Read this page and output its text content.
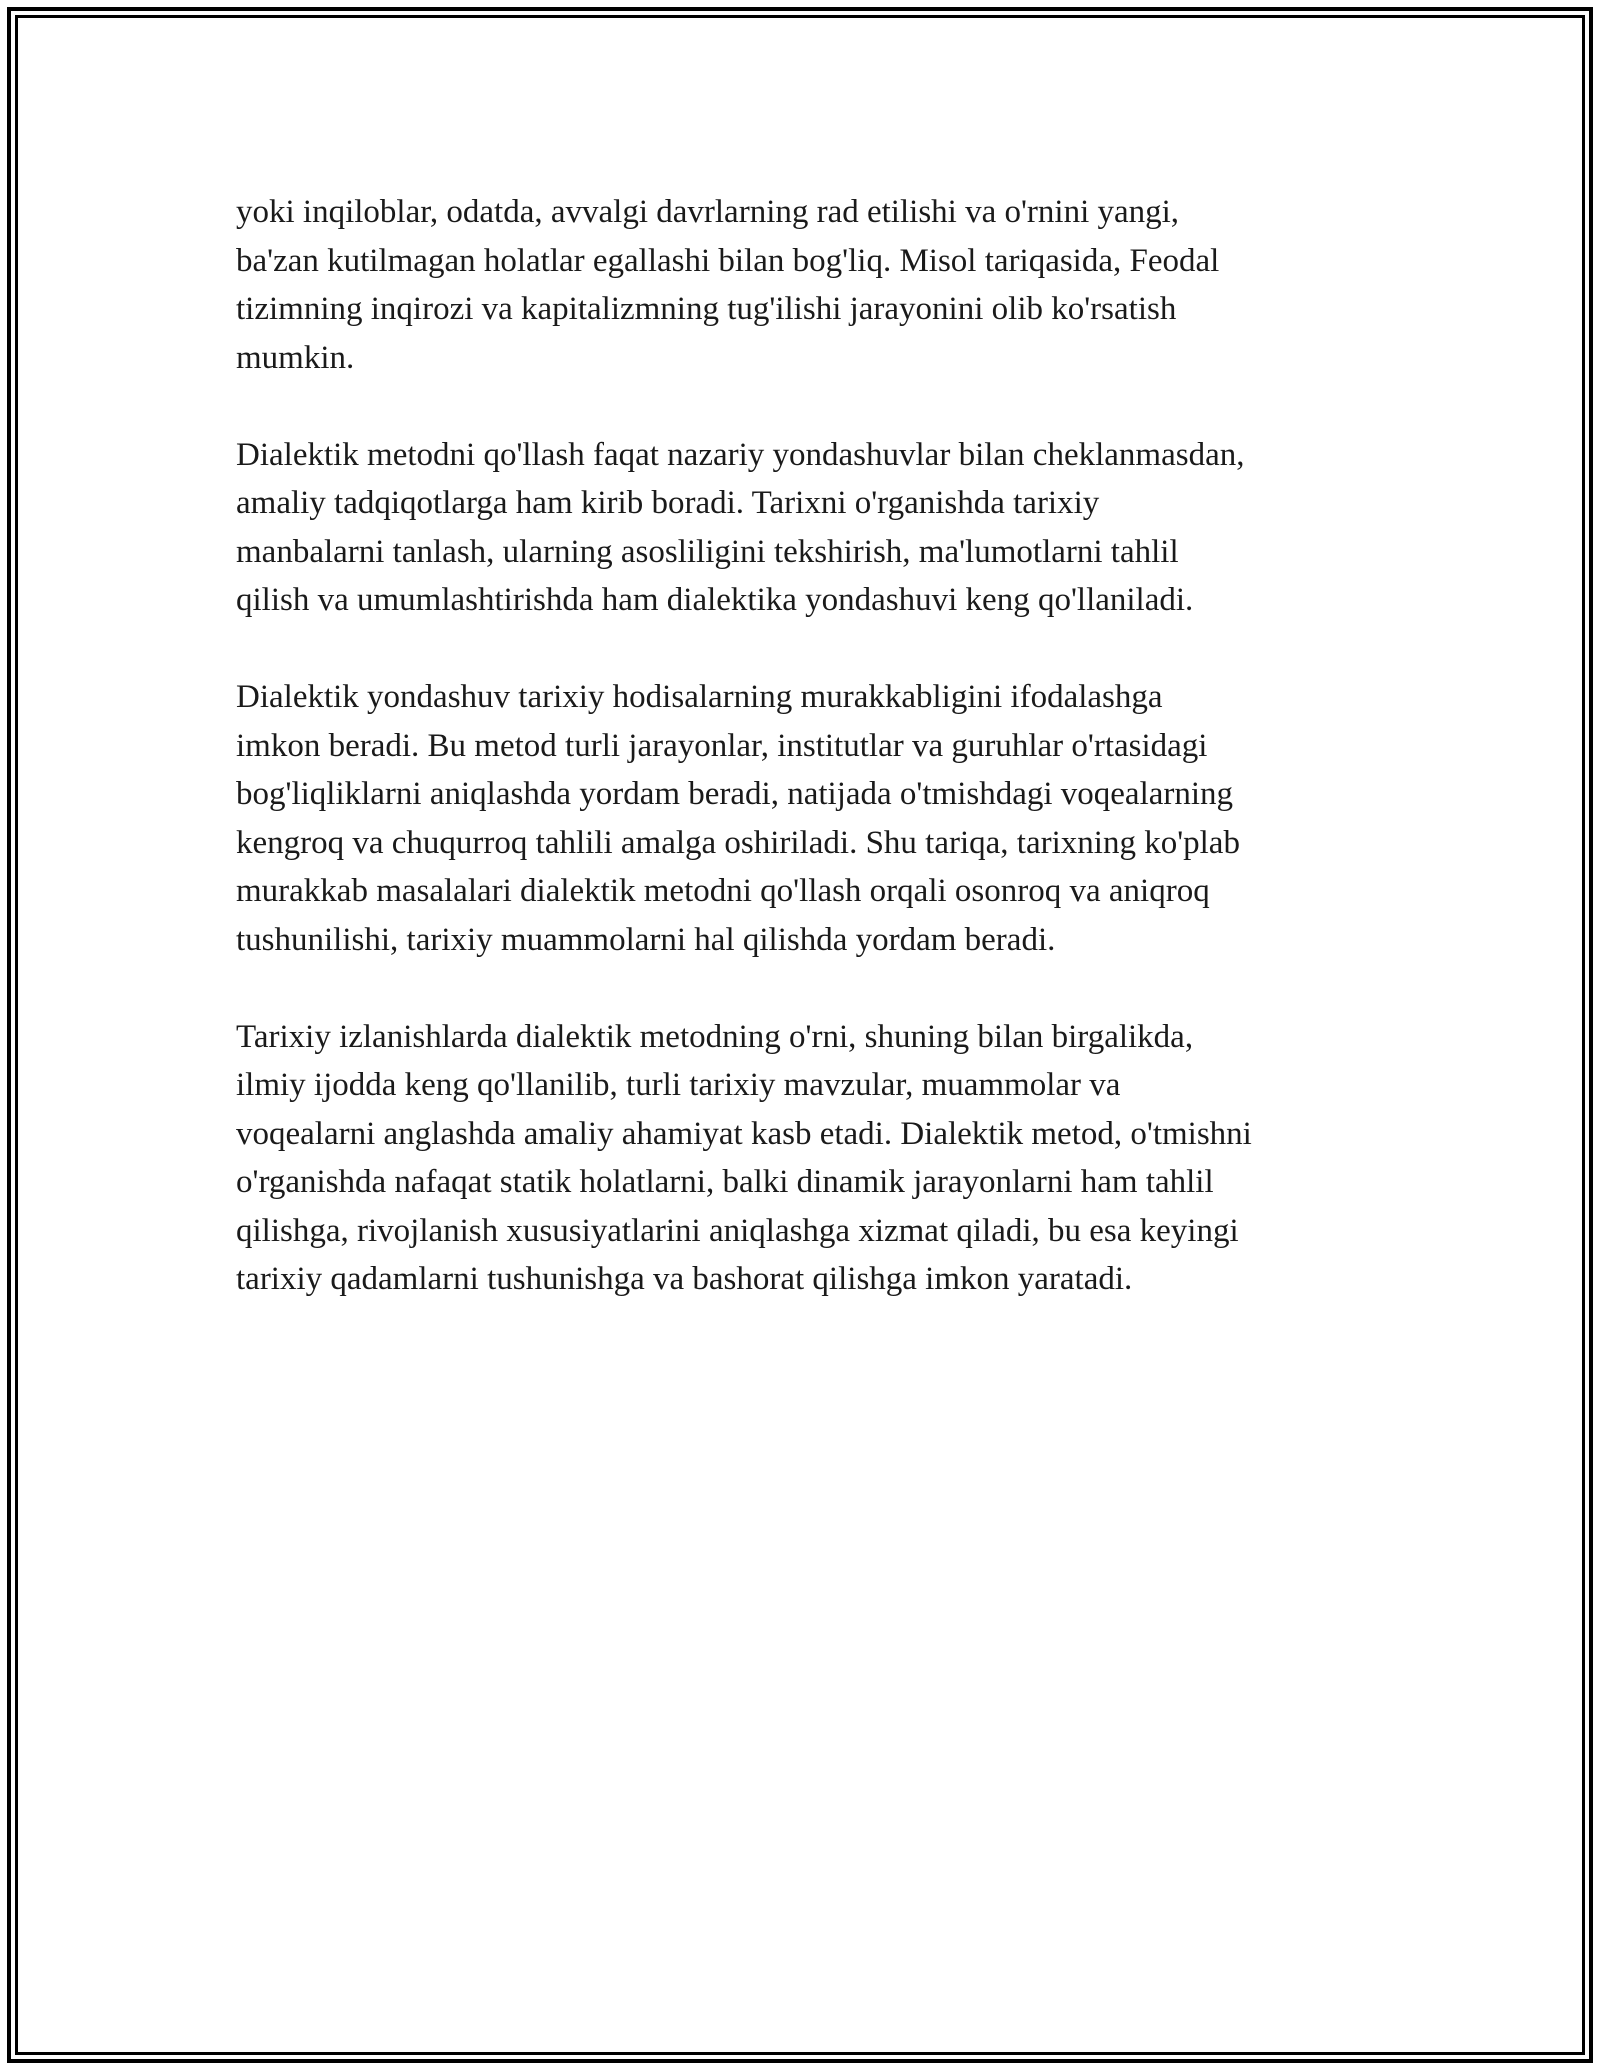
yoki inqiloblar, odatda, avvalgi davrlarning rad etilishi va o'rnini yangi,
ba'zan kutilmagan holatlar egallashi bilan bog'liq. Misol tariqasida, Feodal
tizimning inqirozi va kapitalizmning tug'ilishi jarayonini olib ko'rsatish
mumkin.

Dialektik metodni qo'llash faqat nazariy yondashuvlar bilan cheklanmasdan,
amaliy tadqiqotlarga ham kirib boradi. Tarixni o'rganishda tarixiy
manbalarni tanlash, ularning asosliligini tekshirish, ma'lumotlarni tahlil
qilish va umumlashtirishda ham dialektika yondashuvi keng qo'llaniladi.

Dialektik yondashuv tarixiy hodisalarning murakkabligini ifodalashga
imkon beradi. Bu metod turli jarayonlar, institutlar va guruhlar o'rtasidagi
bog'liqliklarni aniqlashda yordam beradi, natijada o'tmishdagi voqealarning
kengroq va chuqurroq tahlili amalga oshiriladi. Shu tariqa, tarixning ko'plab
murakkab masalalari dialektik metodni qo'llash orqali osonroq va aniqroq
tushunilishi, tarixiy muammolarni hal qilishda yordam beradi.

Tarixiy izlanishlarda dialektik metodning o'rni, shuning bilan birgalikda,
ilmiy ijodda keng qo'llanilib, turli tarixiy mavzular, muammolar va
voqealarni anglashda amaliy ahamiyat kasb etadi. Dialektik metod, o'tmishni
o'rganishda nafaqat statik holatlarni, balki dinamik jarayonlarni ham tahlil
qilishga, rivojlanish xususiyatlarini aniqlashga xizmat qiladi, bu esa keyingi
tarixiy qadamlarni tushunishga va bashorat qilishga imkon yaratadi.
